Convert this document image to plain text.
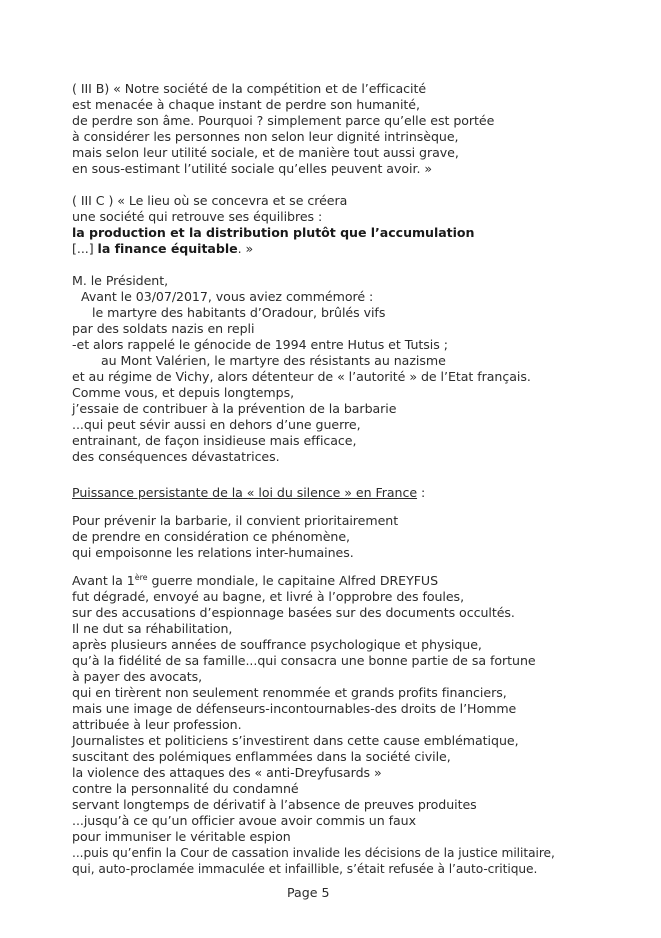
( III B) « Notre société de la compétition et de l’efficacité
est menacée à chaque instant de perdre son humanité,
de perdre son âme. Pourquoi ? simplement parce qu’elle est portée
à considérer les personnes non selon leur dignité intrinsèque,
mais selon leur utilité sociale, et de manière tout aussi grave,
en sous-estimant l’utilité sociale qu’elles peuvent avoir. »
( III C ) « Le lieu où se concevra et se créera
une société qui retrouve ses équilibres :
la production et la distribution plutôt que l’accumulation
[...] la finance équitable. »
M. le Président,
Avant le 03/07/2017, vous aviez commémoré :
le martyre des habitants d’Oradour, brûlés vifs
par des soldats nazis en repli
-et alors rappelé le génocide de 1994 entre Hutus et Tutsis ;
au Mont Valérien, le martyre des résistants au nazisme
et au régime de Vichy, alors détenteur de « l’autorité » de l’Etat français.
Comme vous, et depuis longtemps,
j’essaie de contribuer à la prévention de la barbarie
...qui peut sévir aussi en dehors d’une guerre,
entrainant, de façon insidieuse mais efficace,
des conséquences dévastatrices.
Puissance persistante de la « loi du silence » en France :
Pour prévenir la barbarie, il convient prioritairement
de prendre en considération ce phénomène,
qui empoisonne les relations inter-humaines.
Avant la 1ère guerre mondiale, le capitaine Alfred DREYFUS
fut dégradé, envoyé au bagne, et livré à l’opprobre des foules,
sur des accusations d’espionnage basées sur des documents occultés.
Il ne dut sa réhabilitation,
après plusieurs années de souffrance psychologique et physique,
qu’à la fidélité de sa famille...qui consacra une bonne partie de sa fortune
à payer des avocats,
qui en tirèrent non seulement renommée et grands profits financiers,
mais une image de défenseurs-incontournables-des droits de l’Homme
attribuée à leur profession.
Journalistes et politiciens s’investirent dans cette cause emblématique,
suscitant des polémiques enflammées dans la société civile,
la violence des attaques des « anti-Dreyfusards »
contre la personnalité du condamné
servant longtemps de dérivatif à l’absence de preuves produites
...jusqu’à ce qu’un officier avoue avoir commis un faux
pour immuniser le véritable espion
...puis qu’enfin la Cour de cassation invalide les décisions de la justice militaire,
qui, auto-proclamée immaculée et infaillible, s’était refusée à l’auto-critique.
Page 5
